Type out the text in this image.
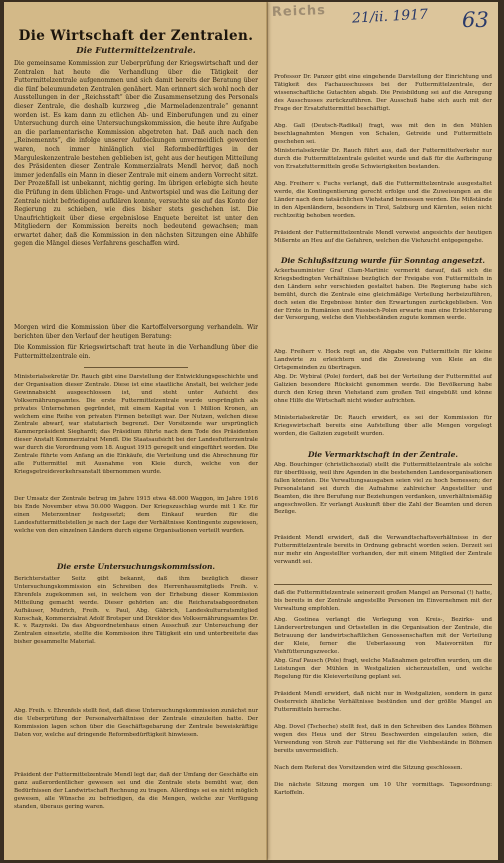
Die Wirtschaft der Zentralen.
Die Futtermittelzentrale.
Die gemeinsame Kommission zur Ueberprüfung der Kriegswirtschaft und der Zentralen hat heute die Verhandlung über die Tätigkeit der Futtermittelzentrale aufgenommen und sich damit bereits der Beratung über die fünf beleumundeten Zentralen genähert. Man erinnert sich wohl noch der Ausstellungen in der „Reichsstaft“ über die Zusammensetzung des Personals dieser Zentrale, die deshalb kurzweg „die Marmeladenzentrale“ genannt worden ist. Es kam dann zu etlichen Ab- und Einberufungen und zu einer Untersuchung durch eine Untersuchungskommission, die heute ihre Aufgabe an die parlamentarische Kommission abgetreten hat. Daß auch nach den „Reinemennts“, die infolge unserer Aufdeckungen unvermeidlich geworden waren, noch immer hinlänglich viel Reformbedürftiges in der Marguleskenzentrale bestehen geblieben ist, geht aus der heutigen Mitteilung des Präsidenten dieser Zentrale Kommerzialrats Mendl hervor, daß noch immer jedenfalls ein Mann in dieser Zentrale mit einem andern Vorrecht sitzt. Der Prozeßfall ist unbekannt, nichtig gering. Im übrigen erlebigte sich heute die Prüfung in dem üblichen Frage- und Antwortspiel und was die Leitung der Zentrale nicht befriedigend aufklären konnte, versuchte sie auf das Konto der Regierung zu schieben, wie dies bisher stets geschehen ist. Die Unaufrichtigkeit über diese ergebnislose Enquete bereitet ist unter den Mitgliedern der Kommission bereits noch bedeutend gewachsen; man erwartet daher, daß die Kommission in den nächsten Sitzungen eine Abhilfe gegen die Mängel dieses Verfahrens geschaffen wird.
Morgen wird die Kommission über die Kartoffelversorgung verhandeln. Wir berichten über den Verlauf der heutigen Beratung:
Die Kommission für Kriegswirtschaft trat heute in die Verhandlung über die Futtermittelzentrale ein.
Ministerialsekretär Dr. Rauch gibt eine Darstellung der Entwicklungsgeschichte und der Organisation dieser Zentrale. Diese ist eine staatliche Anstalt, bei welcher jede Gewinnabsicht ausgeschlossen ist, und steht unter Aufsicht des Volksernährungsamtes. Die erste Futtermittelzentrale wurde ursprünglich als privates Unternehmen gegründet, mit einem Kapital von 1 Million Kronen, an welchem eine Reihe von privaten Firmen beteiligt war. Der Nutzen, welchen diese Zentrale abwarf, war statutarisch begrenzt. Der Vorsitzende war ursprünglich Kammerpräsident Sieghardt; das Präsidium führte nach dem Tode des Präsidenten dieser Anstalt Kommerzialrat Mendl. Die Staatsaufsicht bei der Landesfutterzentrale war durch die Verordnung vom 18. August 1915 geregelt und eingeführt worden. Die Zentrale führte vom Anfang an die Einkäufe, die Verteilung und die Abrechnung für alle Futtermittel mit Ausnahme von Kleie durch, welche von der Kriegsgetreideverkehrsanstalt übernommen wurde.
Der Umsatz der Zentrale betrug im Jahre 1915 etwa 48.000 Waggon, im Jahre 1916 bis Ende November etwa 50.000 Waggon. Der Kriegszuschlag wurde mit 1 Kr. für einen Meterzentner festgesetzt; dem Einkauf wurden für die Landesfuttermittelstellen je nach der Lage der Verhältnisse Kontingente zugewiesen, welche von den einzelnen Ländern durch eigene Organisationen verteilt wurden.
Die erste Untersuchungskommission.
Berichterstatter Seitz gibt bekannt, daß ihm bezüglich dieser Untersuchungskommission ein Schreiben des Herrenhausmitglieds Freih. v. Ehrenfels zugekommen sei, in welchem von der Erhebung dieser Kommission Mitteilung gemacht werde. Dieser gehörten an: die Reichsratsabgeordneten Aufhäuser, Mudrich, Freih. v. Paul, Abg. Gäbrich, Landeskulturratsmitglied Kunschak, Kommerzialrat Adolf Brotsper und Direktor des Volksernährungsamtes Dr. K. v. Razynski. Da das Abgeordnetenhaus einen Ausschuß zur Untersuchung der Zentralen einsetzte, stellte die Kommission ihre Tätigkeit ein und unterbreitete das bisher gesammelte Material.
Abg. Freih. v. Ehrenfels stellt fest, daß diese Untersuchungskommission zunächst nur die Ueberprüfung der Personalverhältnisse der Zentrale einzuleiten hatte. Der Kommission lagen schon über die Geschäftsgebarung der Zentrale beweiskräftige Daten vor, welche auf dringende Reformbedürftigkeit hinwiesen.
Präsident der Futtermittelzentrale Mendl legt dar, daß der Umfang der Geschäfte ein ganz außerordentlicher gewesen sei und die Zentrale stets bemüht war, den Bedürfnissen der Landwirtschaft Rechnung zu tragen. Allerdings sei es nicht möglich gewesen, alle Wünsche zu befriedigen, da die Mengen, welche zur Verfügung standen, überaus gering waren.
Professor Dr. Panzer gibt eine eingehende Darstellung der Einrichtung und Tätigkeit des Fachausschusses bei der Futtermittelzentrale, der wissenschaftliche Gutachten abgab. Die Preisbildung sei auf die Anregung des Ausschusses zurückzuführen. Der Ausschuß habe sich auch mit der Frage der Ersatzfuttermittel beschäftigt.
Abg. Gall (Deutsch-Radikal) fragt, was mit den in den Mühlen beschlagnahmten Mengen von Schalen, Getreide und Futtermitteln geschehen sei.
Ministerialsekretär Dr. Rauch führt aus, daß der Futtermittelverkehr nur durch die Futtermittelzentrale geleitet wurde und daß für die Aufbringung von Ersatzfuttermitteln große Schwierigkeiten bestanden.
Abg. Freiherr v. Fuchs verlangt, daß die Futtermittelzentrale ausgestaltet werde, die Kontingentierung gerecht erfolge und die Zuweisungen an die Länder nach dem tatsächlichen Viehstand bemessen werden. Die Mißstände in den Alpenländern, besonders in Tirol, Salzburg und Kärnten, seien nicht rechtzeitig behoben worden.
Präsident der Futtermittelzentrale Mendl verweist angesichts der heutigen Mißernte an Heu auf die Gefahren, welchen die Viehzucht entgegengehe.
Die Schlußsitzung wurde für Sonntag angesetzt.
Ackerbauminister Graf Clam-Martinic vermerkt darauf, daß sich die Kriegsbedingten Verhältnisse bezüglich der Freigabe von Futtermitteln in den Ländern sehr verschieden gestaltet haben. Die Regierung habe sich bemüht, durch die Zentrale eine gleichmäßige Verteilung herbeizuführen, doch seien die Ergebnisse hinter den Erwartungen zurückgeblieben. Von der Ernte in Rumänien und Russisch-Polen erwarte man eine Erleichterung der Versorgung, welche den Viehbeständen zugute kommen werde.
Abg. Freiherr v. Hock regt an, die Abgabe von Futtermitteln für kleine Landwirte zu erleichtern und die Zuweisung von Kleie an die Ortsgemeinden zu übertragen.
Abg. Dr. Wybiral (Pole) fordert, daß bei der Verteilung der Futtermittel auf Galizien besondere Rücksicht genommen werde. Die Bevölkerung habe durch den Krieg ihren Viehstand zum großen Teil eingebüßt und könne ohne Hilfe die Wirtschaft nicht wieder aufrichten.
Ministerialsekretär Dr. Rauch erwidert, es sei der Kommission für Kriegswirtschaft bereits eine Aufstellung über alle Mengen vorgelegt worden, die Galizien zugeteilt wurden.
Die Vermarktschaft in der Zentrale.
Abg. Bouchinger (christlichsozial) stellt die Futtermittelzentrale als solche für überflüssig, weil ihre Agenden in die bestehenden Landesorganisationen fallen könnten. Die Verwaltungsausgaben seien viel zu hoch bemessen; der Personalstand sei durch die Aufnahme zahlreicher Angestellter und Beamten, die ihre Berufung nur Beziehungen verdanken, unverhältnismäßig angeschwollen. Er verlangt Auskunft über die Zahl der Beamten und deren Bezüge.
Präsident Mendl erwidert, daß die Verwandtschaftsverhältnisse in der Futtermittelzentrale bereits in Ordnung gebracht worden seien. Derzeit sei nur mehr ein Angestellter vorhanden, der mit einem Mitglied der Zentrale verwandt sei.
daß die Futtermittelzentrale seinerzeit großen Mangel an Personal (!) hatte, bis bereits in der Zentrale angestellte Personen im Einvernehmen mit der Verwaltung empfohlen.
Abg. Gostinea verlangt die Verlegung von Kreis-, Bezirks- und Ländervertretungen und Ortsstellen in die Organisation der Zentrale, die Betrauung der landwirtschaftlichen Genossenschaften mit der Verteilung der Kleie, ferner die Ueberlassung von Maisvorräten für Viehfütterungszwecke.
Abg. Graf Pausch (Pole) fragt, welche Maßnahmen getroffen wurden, um die Leistungen der Mühlen in Westgalizien sicherzustellen, und welche Regelung für die Kleieverteilung geplant sei.
Präsident Mendl erwidert, daß nicht nur in Westgalizien, sondern in ganz Oesterreich ähnliche Verhältnisse bestünden und der größte Mangel an Futtermitteln herrsche.
Abg. Dovel (Tscheche) stellt fest, daß in den Schreiben des Landes Böhmen wegen des Heus und der Streu Beschwerden eingelaufen seien, die Verwendung von Stroh zur Fütterung sei für die Viehbestände in Böhmen bereits unvermeidlich.
Nach dem Referat des Vorsitzenden wird die Sitzung geschlossen.
Die nächste Sitzung morgen um 10 Uhr vormittags. Tagesordnung: Kartoffeln.
Reichs 21/ii. 1917	63
